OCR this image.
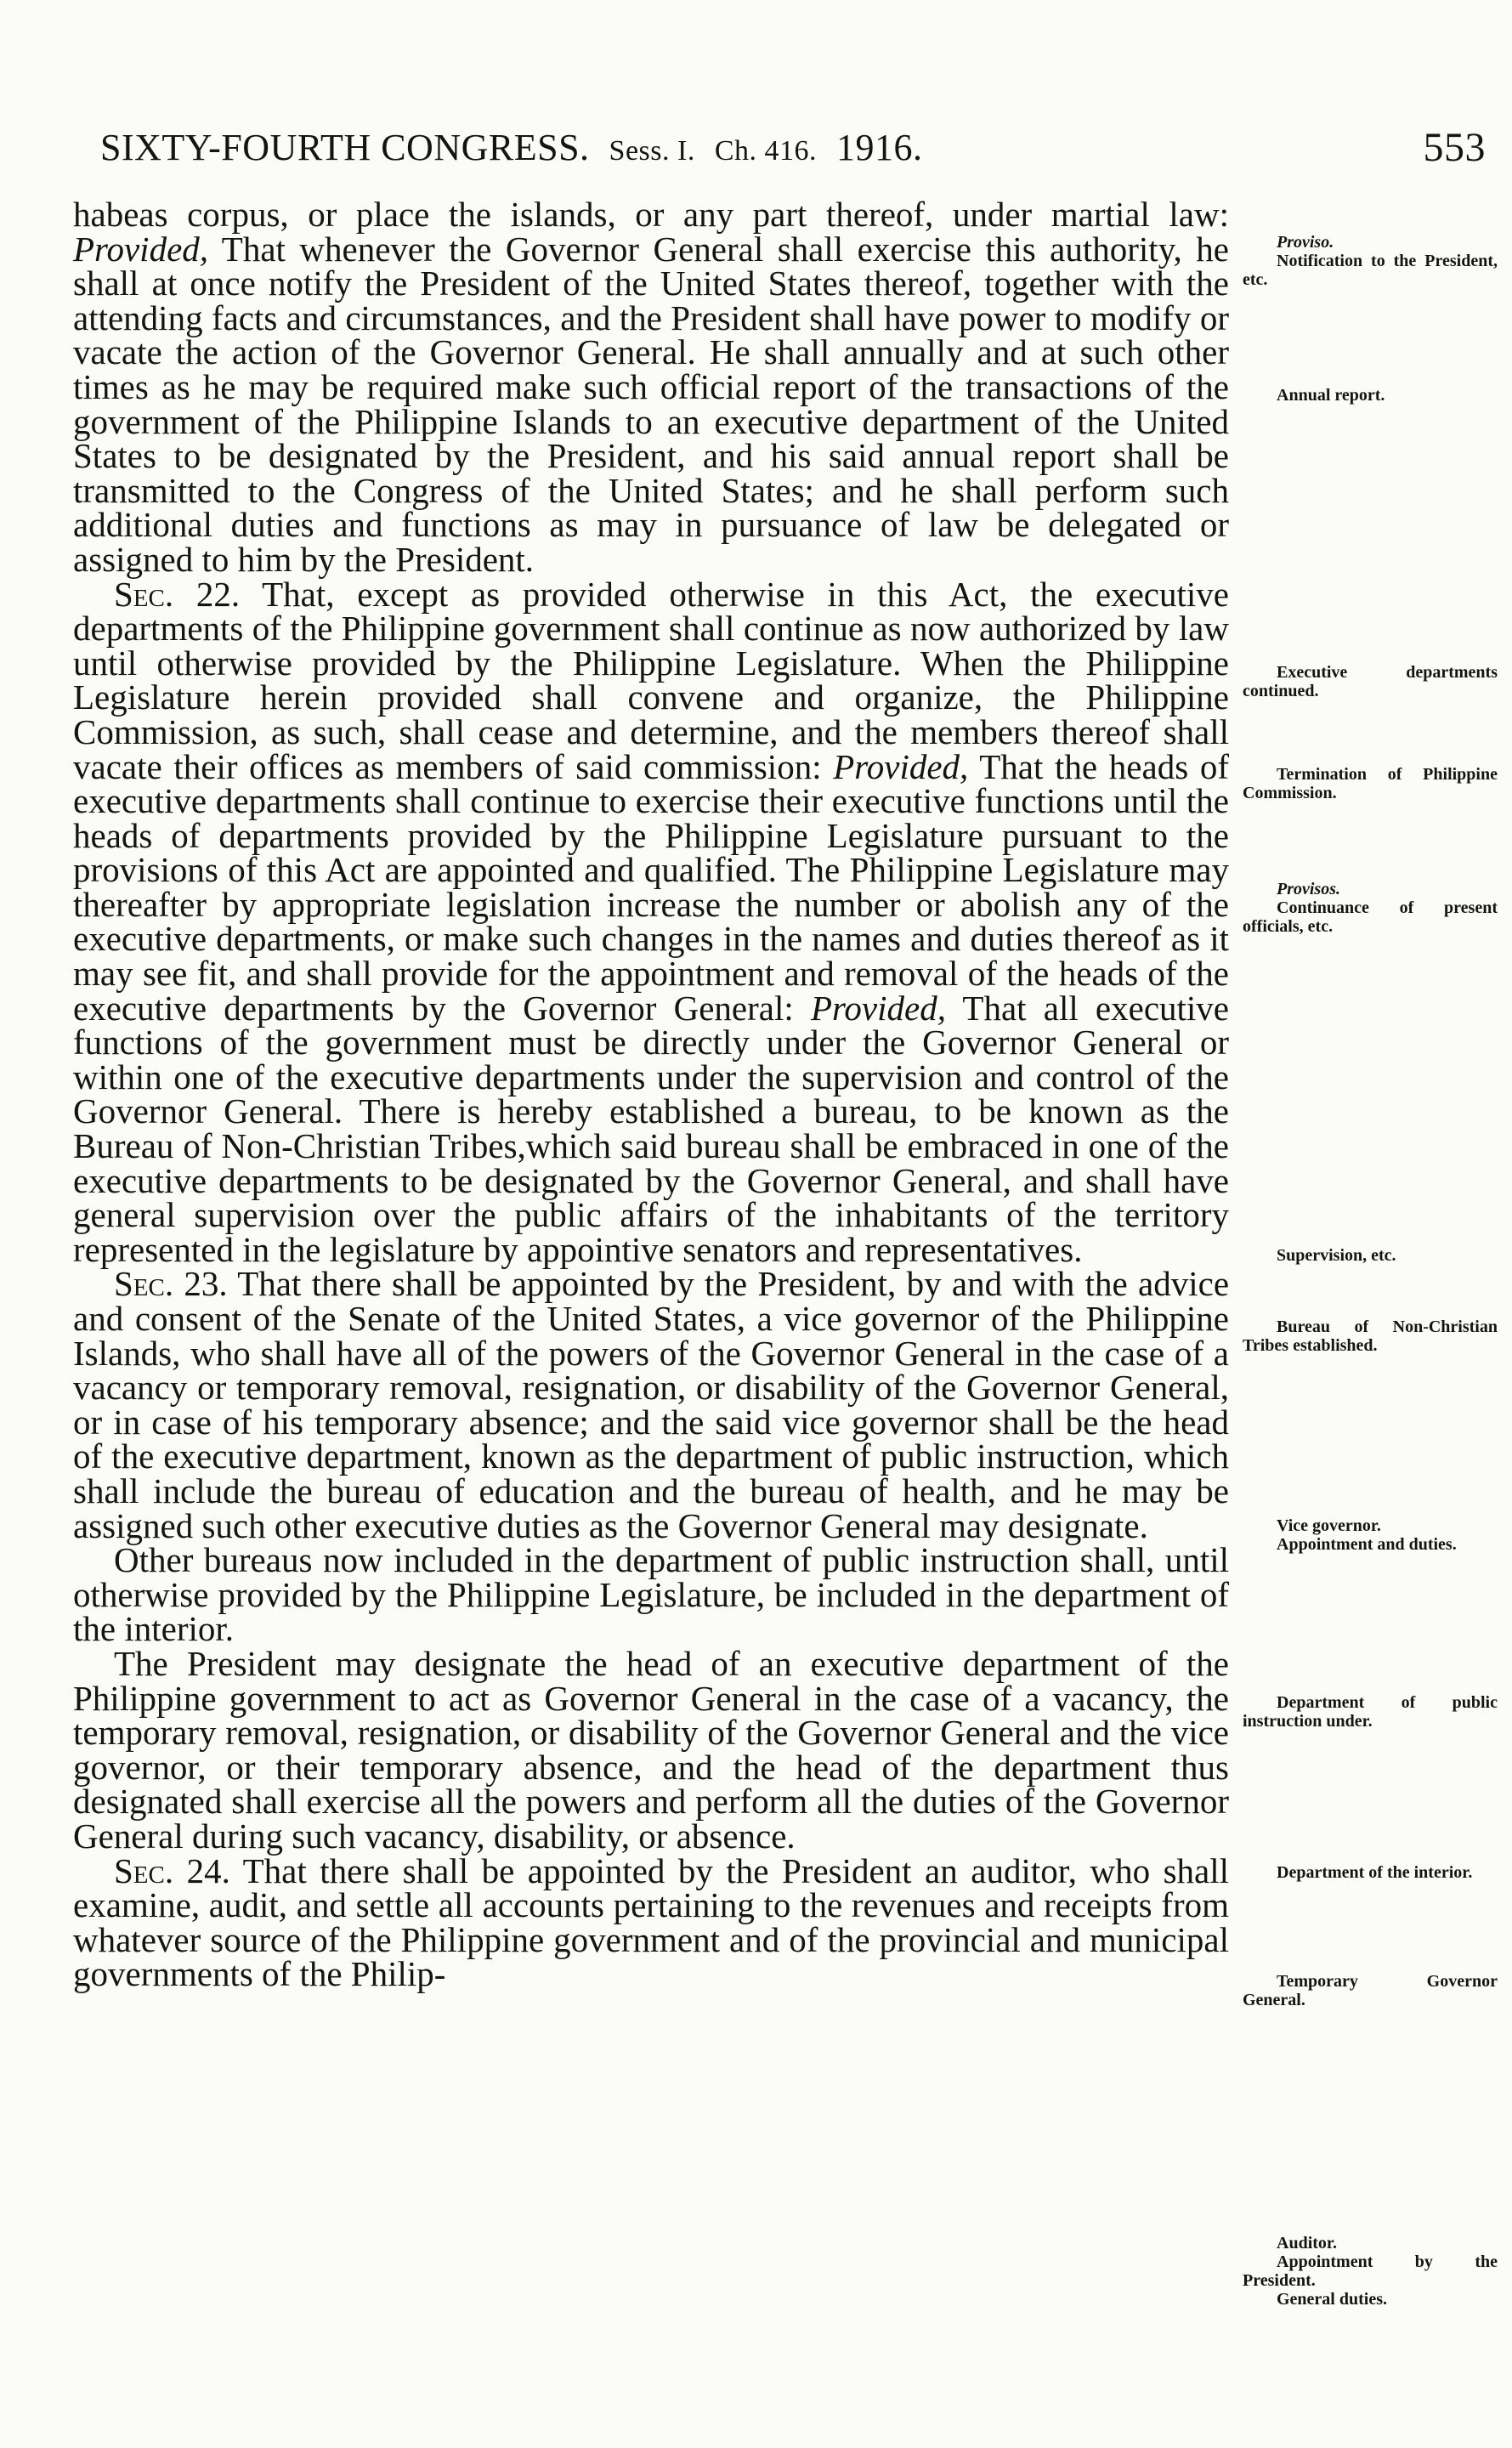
SIXTY-FOURTH CONGRESS. Sess. I. Ch. 416. 1916.	553

habeas corpus, or place the islands, or any part thereof, under martial law: Provided, That whenever the Governor General shall exercise this authority, he shall at once notify the President of the United States thereof, together with the attending facts and circumstances, and the President shall have power to modify or vacate the action of the Governor General. He shall annually and at such other times as he may be required make such official report of the transactions of the government of the Philippine Islands to an executive department of the United States to be designated by the President, and his said annual report shall be transmitted to the Congress of the United States; and he shall perform such additional duties and functions as may in pursuance of law be delegated or assigned to him by the President.

Sec. 22. That, except as provided otherwise in this Act, the executive departments of the Philippine government shall continue as now authorized by law until otherwise provided by the Philippine Legislature. When the Philippine Legislature herein provided shall convene and organize, the Philippine Commission, as such, shall cease and determine, and the members thereof shall vacate their offices as members of said commission: Provided, That the heads of executive departments shall continue to exercise their executive functions until the heads of departments provided by the Philippine Legislature pursuant to the provisions of this Act are appointed and qualified. The Philippine Legislature may thereafter by appropriate legislation increase the number or abolish any of the executive departments, or make such changes in the names and duties thereof as it may see fit, and shall provide for the appointment and removal of the heads of the executive departments by the Governor General: Provided, That all executive functions of the government must be directly under the Governor General or within one of the executive departments under the supervision and control of the Governor General. There is hereby established a bureau, to be known as the Bureau of Non-Christian Tribes,which said bureau shall be embraced in one of the executive departments to be designated by the Governor General, and shall have general supervision over the public affairs of the inhabitants of the territory represented in the legislature by appointive senators and representatives.

Sec. 23. That there shall be appointed by the President, by and with the advice and consent of the Senate of the United States, a vice governor of the Philippine Islands, who shall have all of the powers of the Governor General in the case of a vacancy or temporary removal, resignation, or disability of the Governor General, or in case of his temporary absence; and the said vice governor shall be the head of the executive department, known as the department of public instruction, which shall include the bureau of education and the bureau of health, and he may be assigned such other executive duties as the Governor General may designate.

Other bureaus now included in the department of public instruction shall, until otherwise provided by the Philippine Legislature, be included in the department of the interior.

The President may designate the head of an executive department of the Philippine government to act as Governor General in the case of a vacancy, the temporary removal, resignation, or disability of the Governor General and the vice governor, or their temporary absence, and the head of the department thus designated shall exercise all the powers and perform all the duties of the Governor General during such vacancy, disability, or absence.

Sec. 24. That there shall be appointed by the President an auditor, who shall examine, audit, and settle all accounts pertaining to the revenues and receipts from whatever source of the Philippine government and of the provincial and municipal governments of the Philip-

Proviso.
Notification to the President, etc.
Annual report.
Executive departments continued.
Termination of Philippine Commission.
Provisos.
Continuance of present officials, etc.
Supervision, etc.
Bureau of Non-Christian Tribes established.
Vice governor.
Appointment and duties.
Department of public instruction under.
Department of the interior.
Temporary Governor General.
Auditor.
Appointment by the President.
General duties.
